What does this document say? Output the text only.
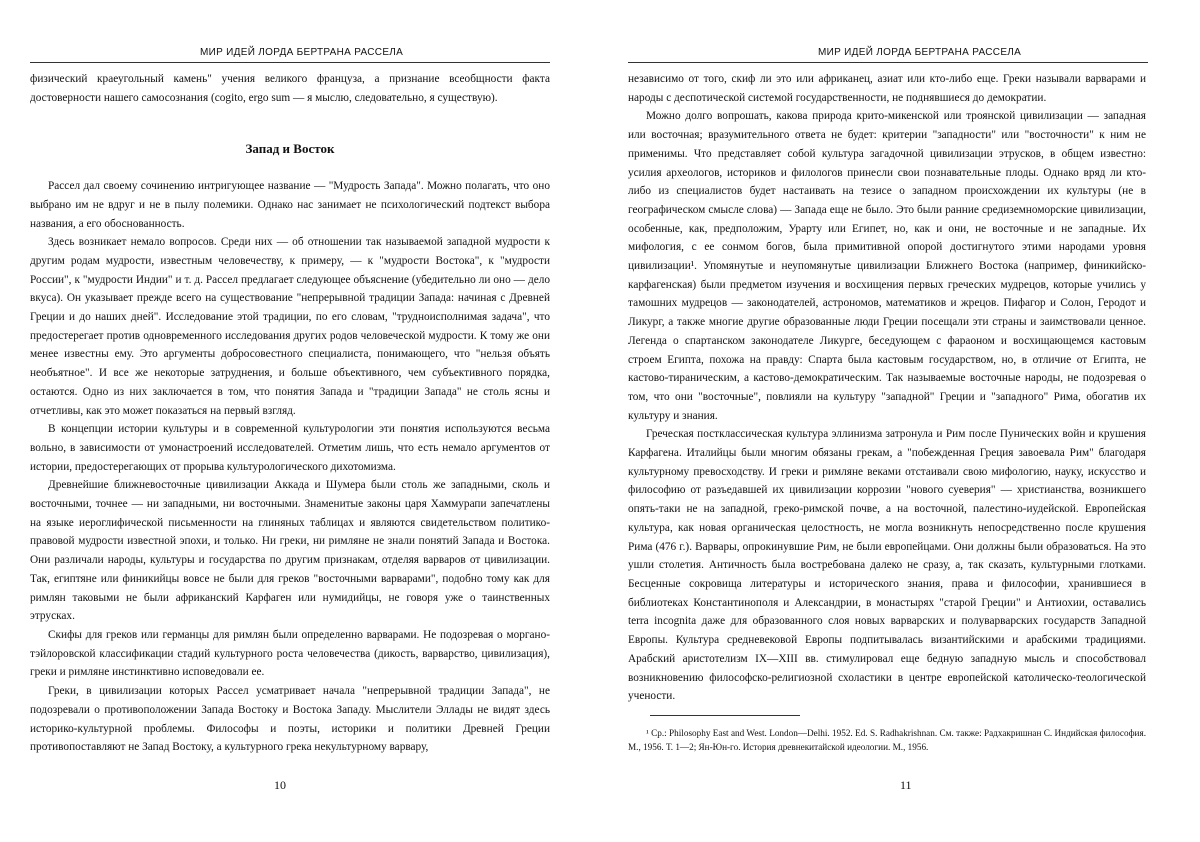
МИР ИДЕЙ ЛОРДА БЕРТРАНА РАССЕЛА

физический краеугольный камень" учения великого француза, а признание всеобщности факта достоверности нашего самосознания (cogito, ergo sum — я мыслю, следовательно, я существую).

Запад и Восток

Рассел дал своему сочинению интригующее название — "Мудрость Запада". Можно полагать, что оно выбрано им не вдруг и не в пылу полемики. Однако нас занимает не психологический подтекст выбора названия, а его обоснованность.

Здесь возникает немало вопросов. Среди них — об отношении так называемой западной мудрости к другим родам мудрости, известным человечеству, к примеру, — к "мудрости Востока", к "мудрости России", к "мудрости Индии" и т. д. Рассел предлагает следующее объяснение (убедительно ли оно — дело вкуса). Он указывает прежде всего на существование "непрерывной традиции Запада: начиная с Древней Греции и до наших дней". Исследование этой традиции, по его словам, "трудноисполнимая задача", что предостерегает против одновременного исследования других родов человеческой мудрости. К тому же они менее известны ему. Это аргументы добросовестного специалиста, понимающего, что "нельзя объять необъятное". И все же некоторые затруднения, и больше объективного, чем субъективного порядка, остаются. Одно из них заключается в том, что понятия Запада и "традиции Запада" не столь ясны и отчетливы, как это может показаться на первый взгляд.

В концепции истории культуры и в современной культурологии эти понятия используются весьма вольно, в зависимости от умонастроений исследователей. Отметим лишь, что есть немало аргументов от истории, предостерегающих от прорыва культурологического дихотомизма.

Древнейшие ближневосточные цивилизации Аккада и Шумера были столь же западными, сколь и восточными, точнее — ни западными, ни восточными. Знаменитые законы царя Хаммурапи запечатлены на языке иероглифической письменности на глиняных таблицах и являются свидетельством политико-правовой мудрости известной эпохи, и только. Ни греки, ни римляне не знали понятий Запада и Востока. Они различали народы, культуры и государства по другим признакам, отделяя варваров от цивилизации. Так, египтяне или финикийцы вовсе не были для греков "восточными варварами", подобно тому как для римлян таковыми не были африканский Карфаген или нумидийцы, не говоря уже о таинственных этрусках.

Скифы для греков или германцы для римлян были определенно варварами. Не подозревая о моргано-тэйлоровской классификации стадий культурного роста человечества (дикость, варварство, цивилизация), греки и римляне инстинктивно исповедовали ее.

Греки, в цивилизации которых Рассел усматривает начала "непрерывной традиции Запада", не подозревали о противоположении Запада Востоку и Востока Западу. Мыслители Эллады не видят здесь историко-культурной проблемы. Философы и поэты, историки и политики Древней Греции противопоставляют не Запад Востоку, а культурного грека некультурному варвару,

10
МИР ИДЕЙ ЛОРДА БЕРТРАНА РАССЕЛА

независимо от того, скиф ли это или африканец, азиат или кто-либо еще. Греки называли варварами и народы с деспотической системой государственности, не поднявшиеся до демократии.

Можно долго вопрошать, какова природа крито-микенской или троянской цивилизации — западная или восточная; вразумительного ответа не будет: критерии "западности" или "восточности" к ним не применимы. Что представляет собой культура загадочной цивилизации этрусков, в общем известно: усилия археологов, историков и филологов принесли свои познавательные плоды. Однако вряд ли кто-либо из специалистов будет настаивать на тезисе о западном происхождении их культуры (не в географическом смысле слова) — Запада еще не было. Это были ранние средиземноморские цивилизации, особенные, как, предположим, Урарту или Египет, но, как и они, не восточные и не западные. Их мифология, с ее сонмом богов, была примитивной опорой достигнутого этими народами уровня цивилизации¹. Упомянутые и неупомянутые цивилизации Ближнего Востока (например, финикийско-карфагенская) были предметом изучения и восхищения первых греческих мудрецов, которые учились у тамошних мудрецов — законодателей, астрономов, математиков и жрецов. Пифагор и Солон, Геродот и Ликург, а также многие другие образованные люди Греции посещали эти страны и заимствовали ценное. Легенда о спартанском законодателе Ликурге, беседующем с фараоном и восхищающемся кастовым строем Египта, похожа на правду: Спарта была кастовым государством, но, в отличие от Египта, не кастово-тираническим, а кастово-демократическим. Так называемые восточные народы, не подозревая о том, что они "восточные", повлияли на культуру "западной" Греции и "западного" Рима, обогатив их культуру и знания.

Греческая постклассическая культура эллинизма затронула и Рим после Пунических войн и крушения Карфагена. Италийцы были многим обязаны грекам, а "побежденная Греция завоевала Рим" благодаря культурному превосходству. И греки и римляне веками отстаивали свою мифологию, науку, искусство и философию от разъедавшей их цивилизации коррозии "нового суеверия" — христианства, возникшего опять-таки не на западной, греко-римской почве, а на восточной, палестино-иудейской. Европейская культура, как новая органическая целостность, не могла возникнуть непосредственно после крушения Рима (476 г.). Варвары, опрокинувшие Рим, не были европейцами. Они должны были образоваться. На это ушли столетия. Античность была востребована далеко не сразу, а, так сказать, культурными глотками. Бесценные сокровища литературы и исторического знания, права и философии, хранившиеся в библиотеках Константинополя и Александрии, в монастырях "старой Греции" и Антиохии, оставались terra incognita даже для образованного слоя новых варварских и полуварварских государств Западной Европы. Культура средневековой Европы подпитывалась византийскими и арабскими традициями. Арабский аристотелизм IX—XIII вв. стимулировал еще бедную западную мысль и способствовал возникновению философско-религиозной схоластики в центре европейской католическо-теологической учености.

¹ Ср.: Philosophy East and West. London—Delhi. 1952. Ed. S. Radhakrishnan. См. также: Радхакришнан С. Индийская философия. М., 1956. Т. 1—2; Ян-Юн-го. История древнекитайской идеологии. М., 1956.
11
